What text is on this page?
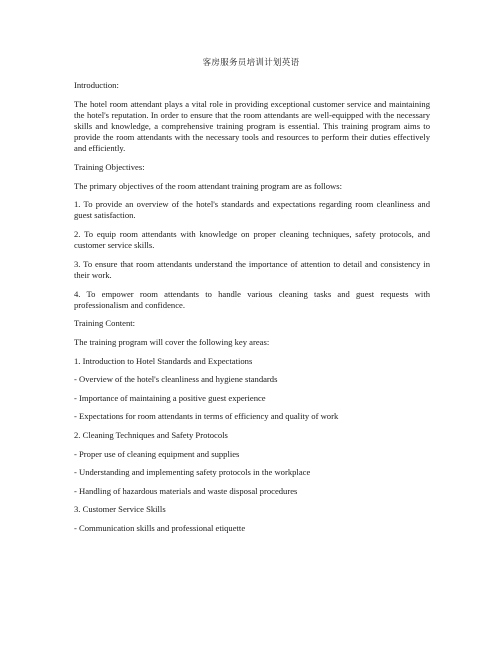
客房服务员培训计划英语

Introduction:

The hotel room attendant plays a vital role in providing exceptional customer service and maintaining the hotel's reputation. In order to ensure that the room attendants are well-equipped with the necessary skills and knowledge, a comprehensive training program is essential. This training program aims to provide the room attendants with the necessary tools and resources to perform their duties effectively and efficiently.

Training Objectives:

The primary objectives of the room attendant training program are as follows:

1. To provide an overview of the hotel's standards and expectations regarding room cleanliness and guest satisfaction.

2. To equip room attendants with knowledge on proper cleaning techniques, safety protocols, and customer service skills.

3. To ensure that room attendants understand the importance of attention to detail and consistency in their work.

4. To empower room attendants to handle various cleaning tasks and guest requests with professionalism and confidence.

Training Content:

The training program will cover the following key areas:

1. Introduction to Hotel Standards and Expectations

- Overview of the hotel's cleanliness and hygiene standards

- Importance of maintaining a positive guest experience

- Expectations for room attendants in terms of efficiency and quality of work

2. Cleaning Techniques and Safety Protocols

- Proper use of cleaning equipment and supplies

- Understanding and implementing safety protocols in the workplace

- Handling of hazardous materials and waste disposal procedures

3. Customer Service Skills

- Communication skills and professional etiquette
